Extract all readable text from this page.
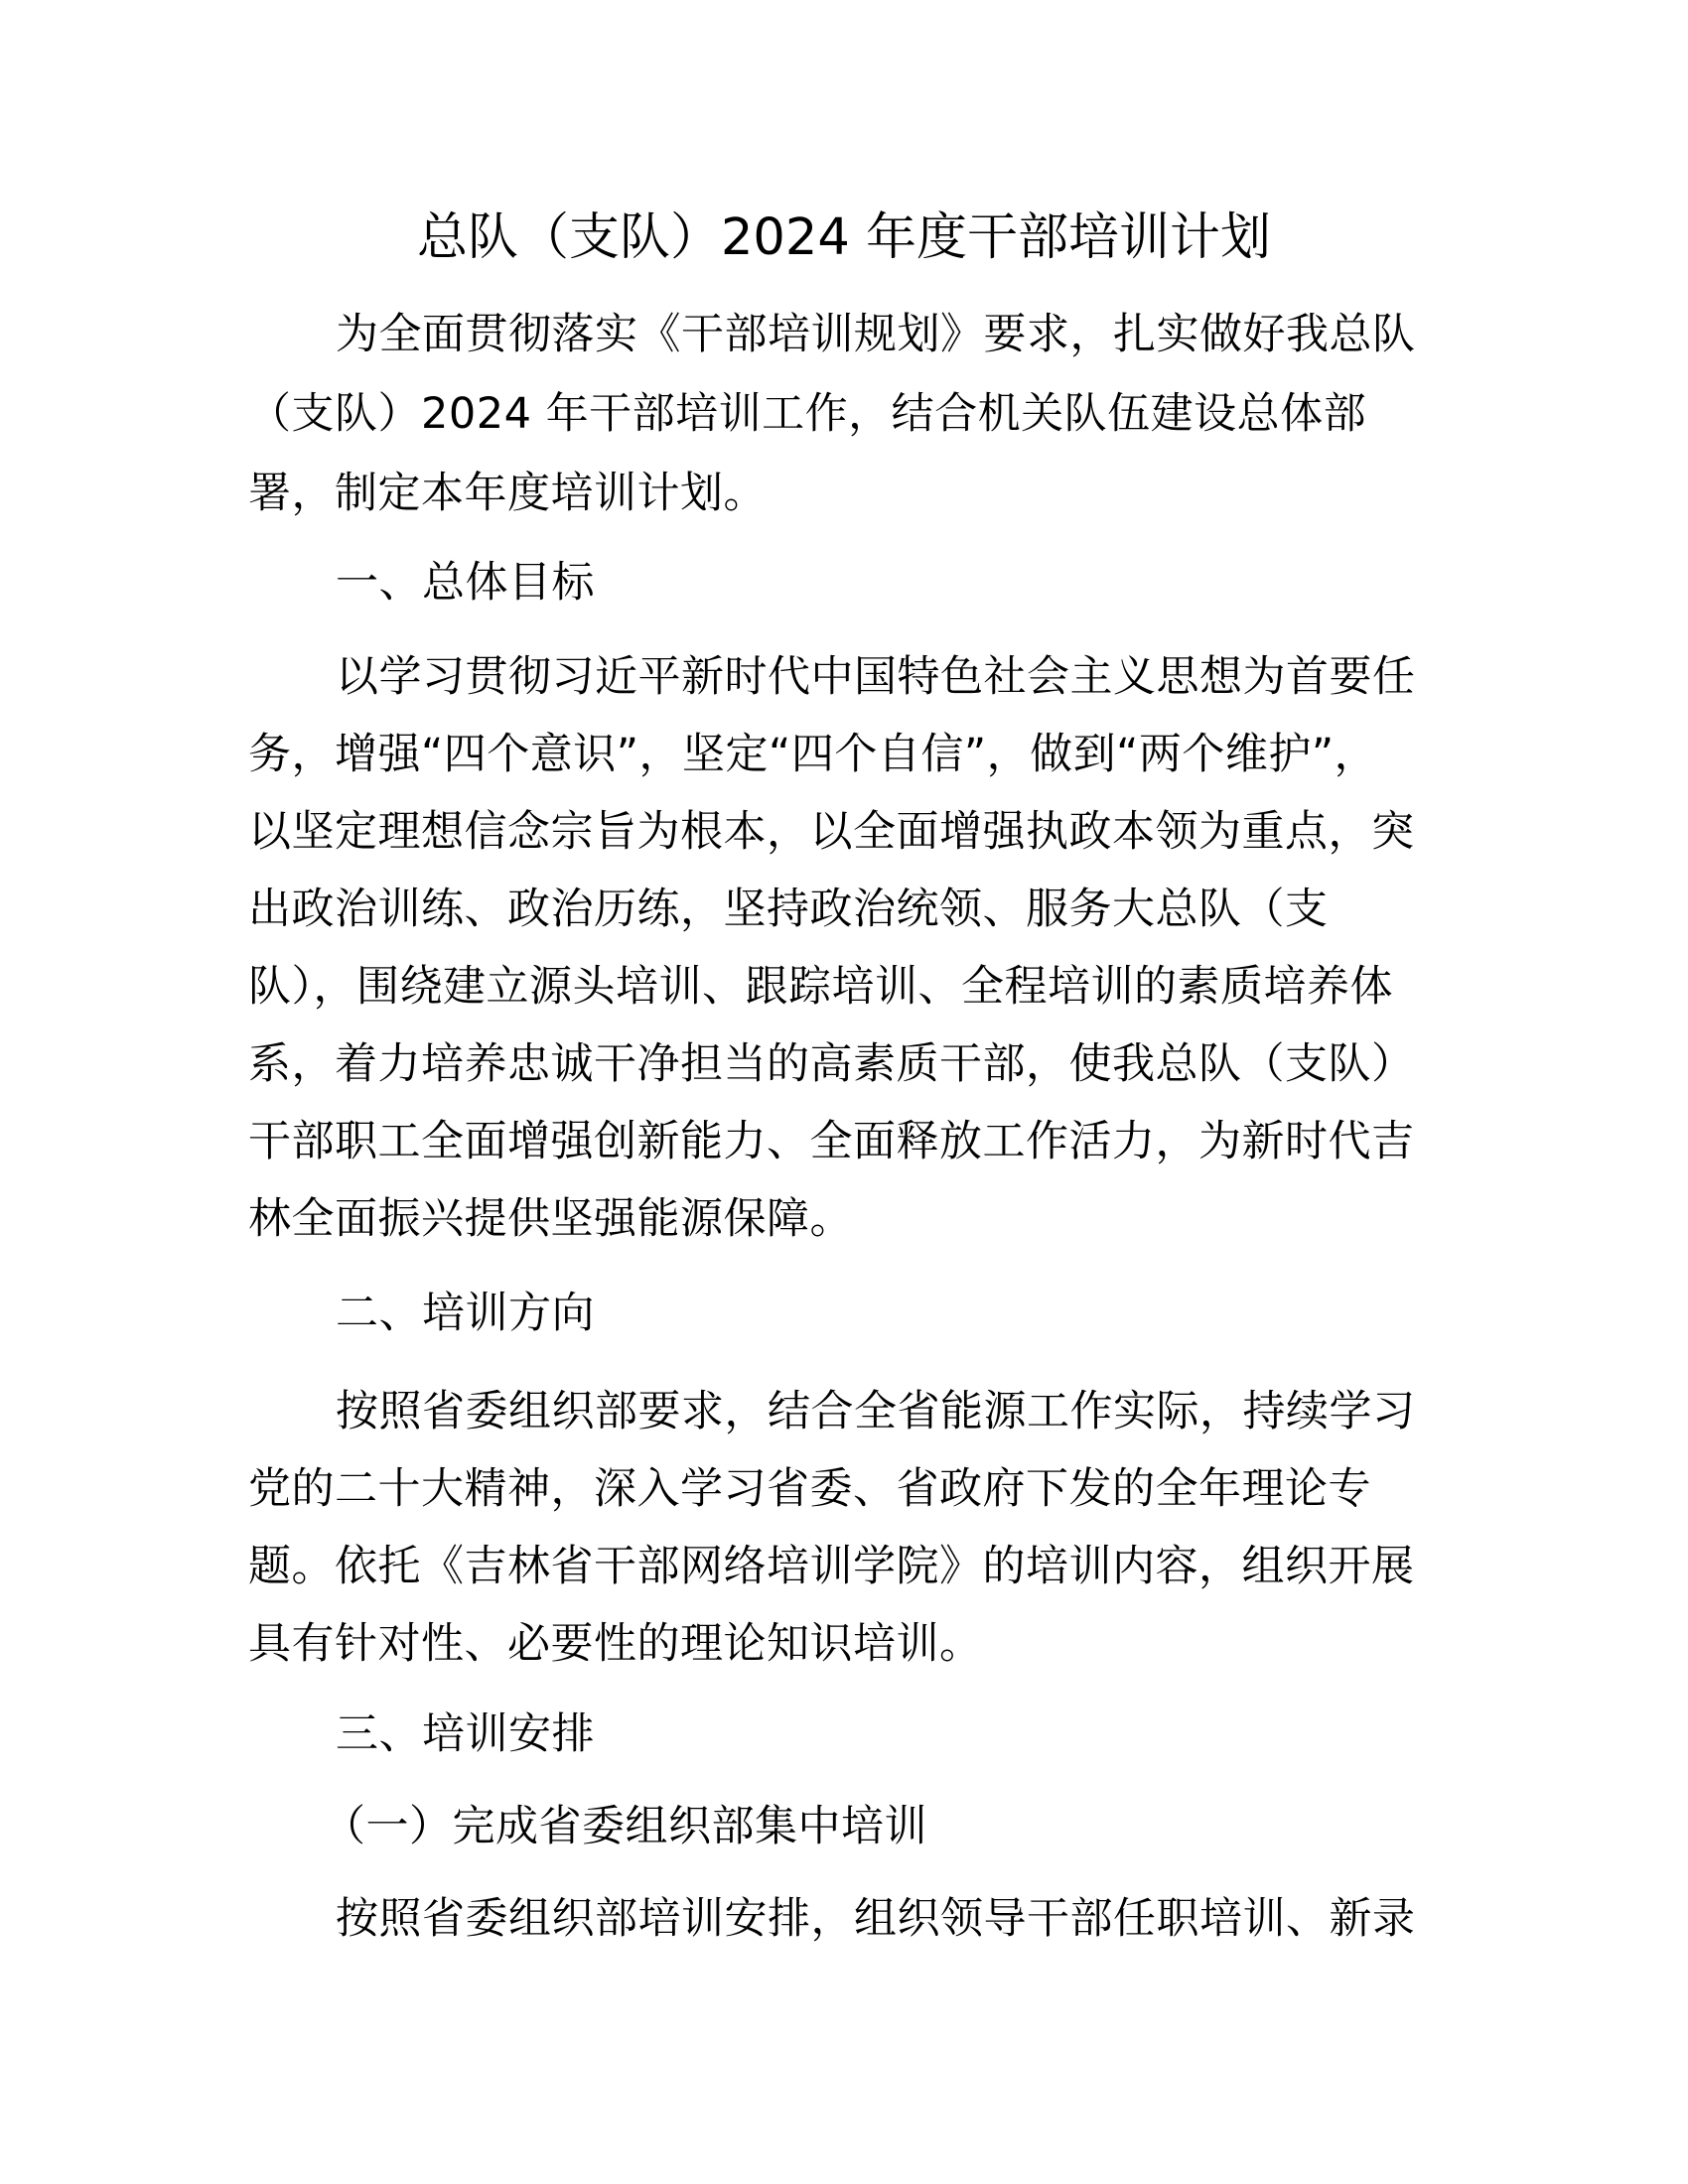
总队（支队）2024 年度干部培训计划
为全面贯彻落实《干部培训规划》要求，扎实做好我总队
（支队）2024 年干部培训工作，结合机关队伍建设总体部
署，制定本年度培训计划。
一、总体目标
以学习贯彻习近平新时代中国特色社会主义思想为首要任
务，增强“四个意识”，坚定“四个自信”，做到“两个维护”，
以坚定理想信念宗旨为根本，以全面增强执政本领为重点，突
出政治训练、政治历练，坚持政治统领、服务大总队（支
队），围绕建立源头培训、跟踪培训、全程培训的素质培养体
系，着力培养忠诚干净担当的高素质干部，使我总队（支队）
干部职工全面增强创新能力、全面释放工作活力，为新时代吉
林全面振兴提供坚强能源保障。
二、培训方向
按照省委组织部要求，结合全省能源工作实际，持续学习
党的二十大精神，深入学习省委、省政府下发的全年理论专
题。依托《吉林省干部网络培训学院》的培训内容，组织开展
具有针对性、必要性的理论知识培训。
三、培训安排
（一）完成省委组织部集中培训
按照省委组织部培训安排，组织领导干部任职培训、新录
